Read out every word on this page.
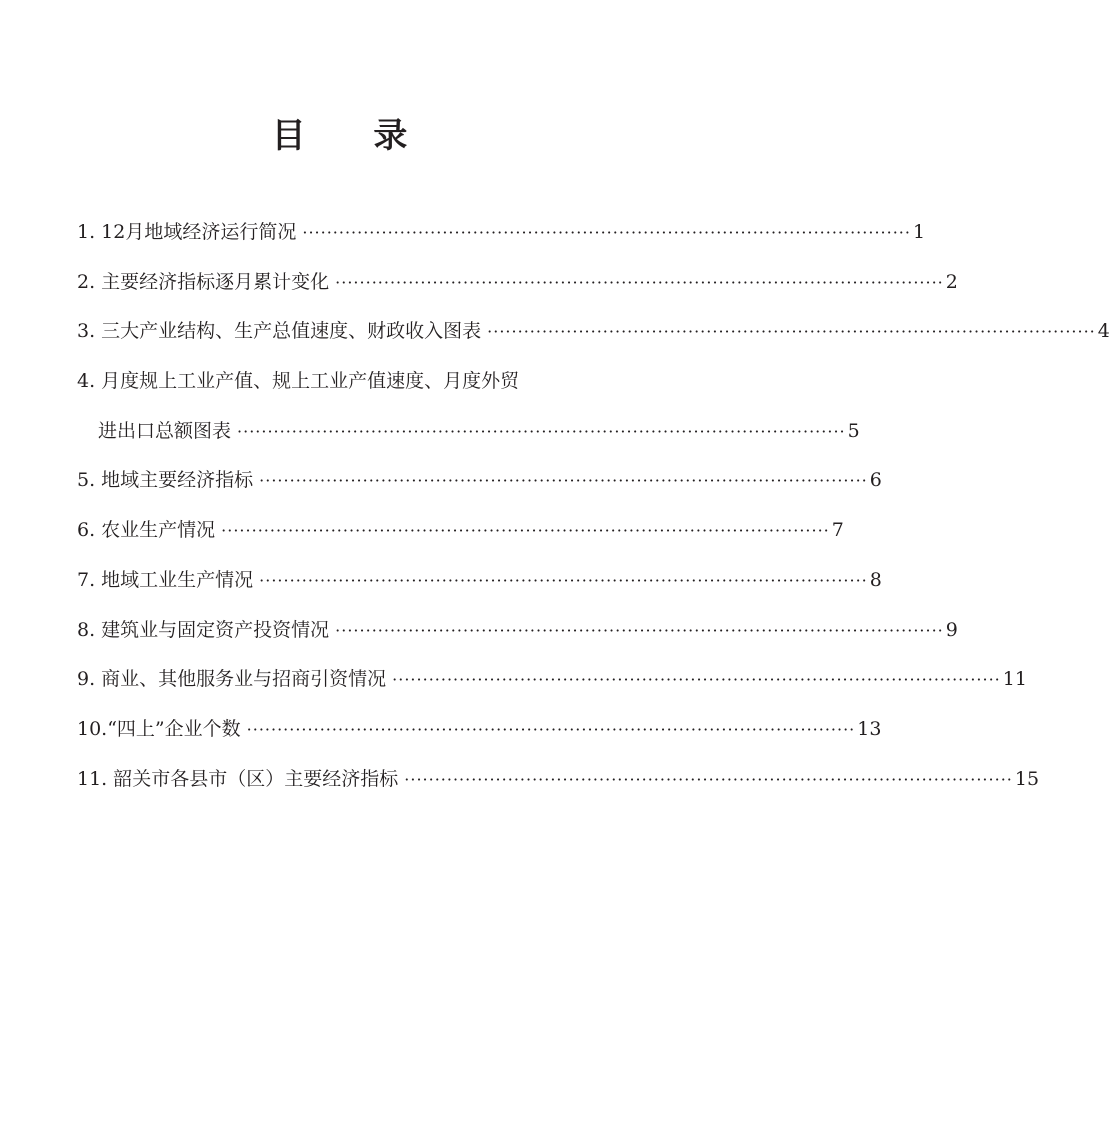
目 录
1. 12月地域经济运行简况 ···································································································· 1
2. 主要经济指标逐月累计变化 ···································································································· 2
3. 三大产业结构、生产总值速度、财政收入图表 ···································································································· 4
4. 月度规上工业产值、规上工业产值速度、月度外贸
进出口总额图表 ···································································································· 5
5. 地域主要经济指标 ···································································································· 6
6. 农业生产情况 ···································································································· 7
7. 地域工业生产情况 ···································································································· 8
8. 建筑业与固定资产投资情况 ···································································································· 9
9. 商业、其他服务业与招商引资情况 ···································································································· 11
10.“四上”企业个数 ···································································································· 13
11. 韶关市各县市（区）主要经济指标 ···································································································· 15
